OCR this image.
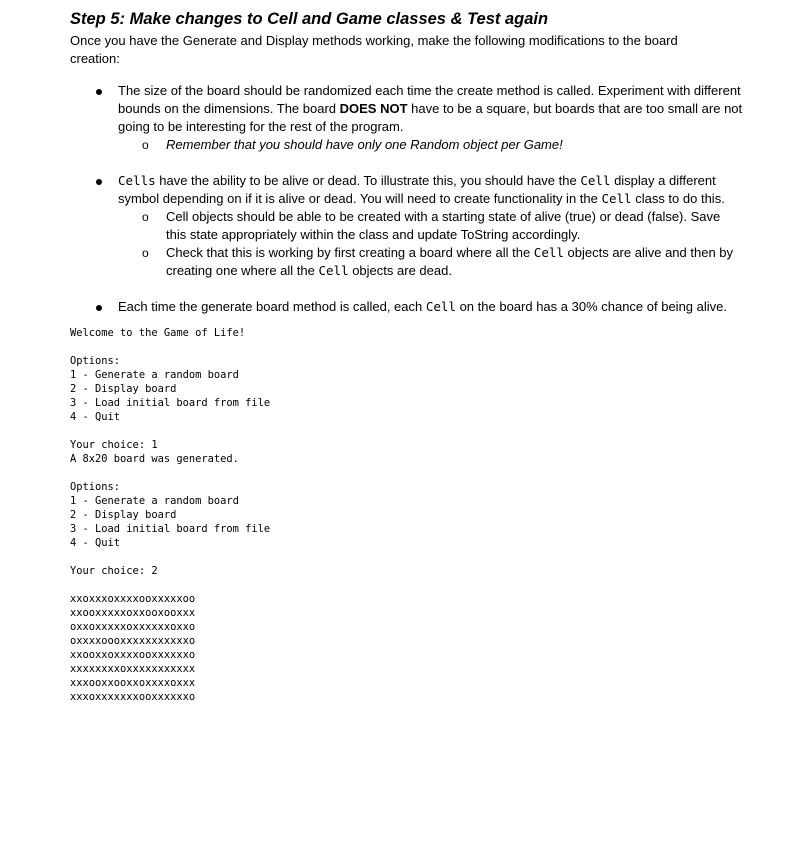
Step 5: Make changes to Cell and Game classes & Test again

Once you have the Generate and Display methods working, make the following modifications to the board creation:

The size of the board should be randomized each time the create method is called. Experiment with different bounds on the dimensions. The board DOES NOT have to be a square, but boards that are too small are not going to be interesting for the rest of the program.
o Remember that you should have only one Random object per Game!
Cells have the ability to be alive or dead. To illustrate this, you should have the Cell display a different symbol depending on if it is alive or dead. You will need to create functionality in the Cell class to do this.
o Cell objects should be able to be created with a starting state of alive (true) or dead (false). Save this state appropriately within the class and update ToString accordingly.
o Check that this is working by first creating a board where all the Cell objects are alive and then by creating one where all the Cell objects are dead.
Each time the generate board method is called, each Cell on the board has a 30% chance of being alive.
Welcome to the Game of Life!
Options:
1 - Generate a random board
2 - Display board
3 - Load initial board from file
4 - Quit
Your choice: 1
A 8x20 board was generated.
Options:
1 - Generate a random board
2 - Display board
3 - Load initial board from file
4 - Quit
Your choice: 2
xxoxxxoxxxxooxxxxxoo
xxooxxxxxoxxooxooxxx
oxxoxxxxxoxxxxxxoxxo
oxxxxoooxxxxxxxxxxxo
xxooxxoxxxxooxxxxxxo
xxxxxxxxoxxxxxxxxxxx
xxxooxxooxxoxxxxoxxx
xxxoxxxxxxxooxxxxxxo
